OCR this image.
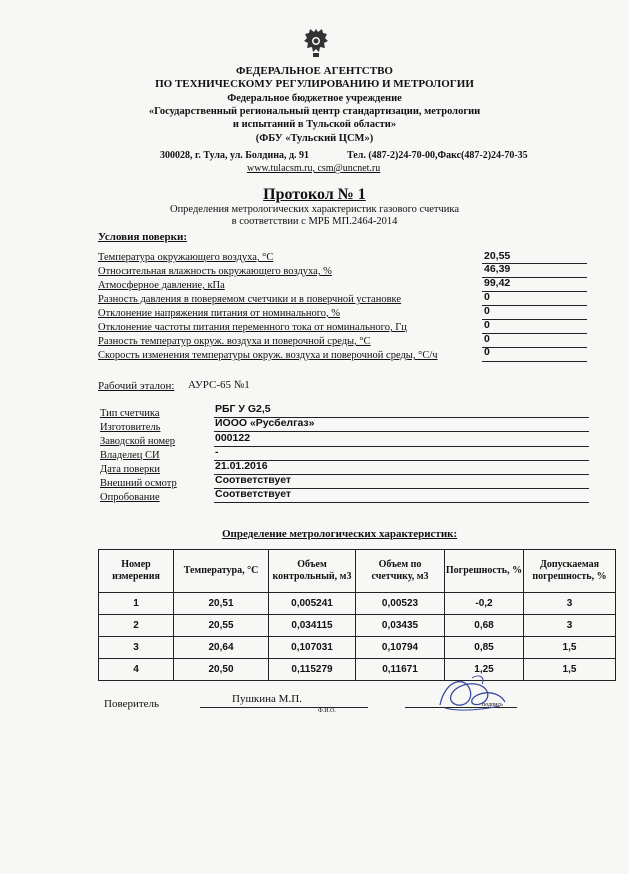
ФЕДЕРАЛЬНОЕ АГЕНТСТВО
ПО ТЕХНИЧЕСКОМУ РЕГУЛИРОВАНИЮ И МЕТРОЛОГИИ
Федеральное бюджетное учреждение
«Государственный региональный центр стандартизации, метрологии
и испытаний в Тульской области»
(ФБУ «Тульский ЦСМ»)
300028, г. Тула, ул. Болдина, д. 91	Тел. (487-2)24-70-00,Факс(487-2)24-70-35
www.tulacsm.ru, csm@uncnet.ru
Протокол № 1
Определения метрологических характеристик газового счетчика
в соответствии с МРБ МП.2464-2014
Условия поверки:
Температура окружающего воздуха, °С	20,55
Относительная влажность окружающего воздуха, %	46,39
Атмосферное давление, кПа	99,42
Разность давления в поверяемом счетчики и в поверчной установке	0
Отклонение напряжения питания от номинального, %	0
Отклонение частоты питания переменного тока от номинального, Гц	0
Разность температур окруж. воздуха и поверочной среды, °С	0
Скорость изменения температуры окруж. воздуха и поверочной среды, °С/ч	0
Рабочий эталон: АУРС-65 №1
Тип счетчика	РБГ У G2,5
Изготовитель	ИООО «Русбелгаз»
Заводской номер	000122
Владелец СИ	-
Дата поверки	21.01.2016
Внешний осмотр	Соответствует
Опробование	Соответствует
Определение метрологических характеристик:
Номер измерения	Температура, °С	Объем контрольный, м3	Объем по счетчику, м3	Погрешность, %	Допускаемая погрешность, %
1	20,51	0,005241	0,00523	-0,2	3
2	20,55	0,034115	0,03435	0,68	3
3	20,64	0,107031	0,10794	0,85	1,5
4	20,50	0,115279	0,11671	1,25	1,5
Поверитель	Пушкина М.П.
Ф.И.О.
подпись
